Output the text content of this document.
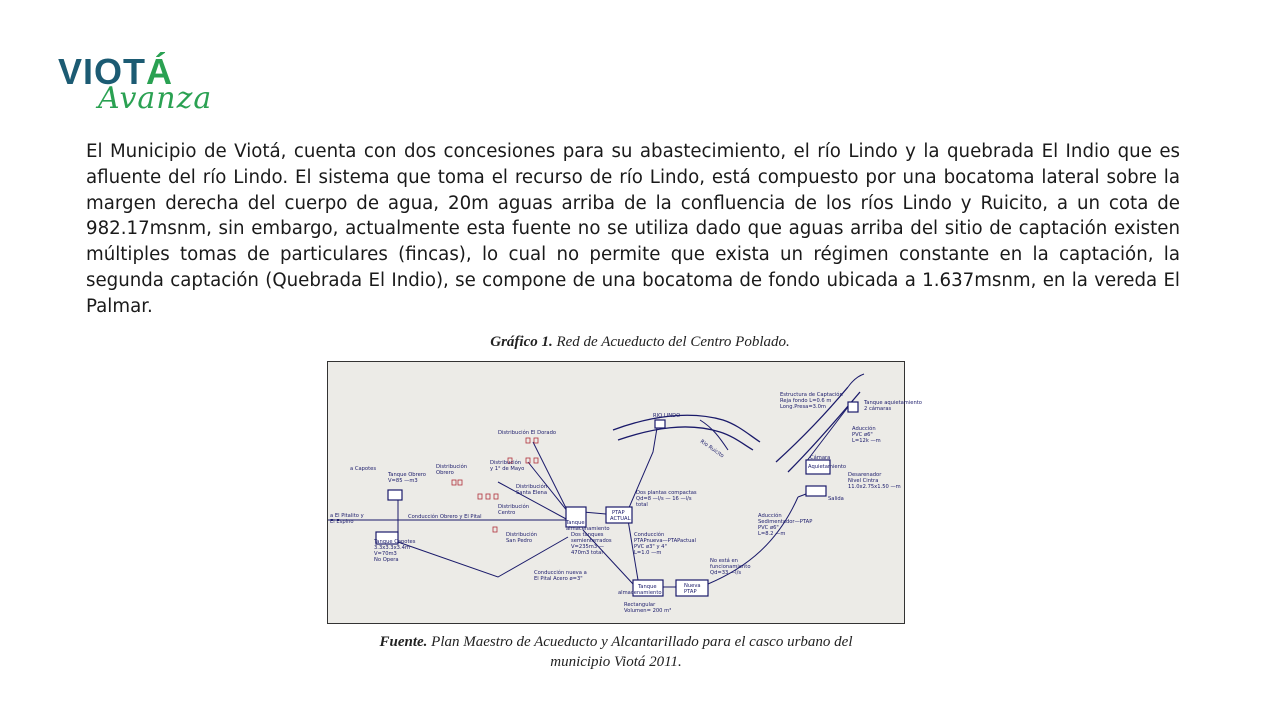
VIOTÁ
Avanza

El Municipio de Viotá, cuenta con dos concesiones para su abastecimiento, el río Lindo y la quebrada El Indio que es afluente del río Lindo. El sistema que toma el recurso de río Lindo, está compuesto por una bocatoma lateral sobre la margen derecha del cuerpo de agua, 20m aguas arriba de la confluencia de los ríos Lindo y Ruicito, a un cota de 982.17msnm, sin embargo, actualmente esta fuente no se utiliza dado que aguas arriba del sitio de captación existen múltiples tomas de particulares (fincas), lo cual no permite que exista un régimen constante en la captación, la segunda captación (Quebrada El Indio), se compone de una bocatoma de fondo ubicada a 1.637msnm, en la vereda El Palmar.

Gráfico 1. Red de Acueducto del Centro Poblado.
RIO LINDO
Rio Ruicito
Estructura de Captación
Reja fondo L=0.6 m
Long.Presa=3.0m
Tanque aquietamiento
2 cámaras
Aducción
PVC ø6"
L=12k —m
Cámara
Aquietamiento
Desarenador
Nivel Cintra
11.0x2.75x1.50 —m
Salida
Aducción
Sedimentador—PTAP
PVC ø6"
L=8.2 —m
Distribución El Dorado
Distribución
y 1° de Mayo
Distribución
Santa Elena
Distribución
Centro
Distribución
San Pedro
Distribución
Obrero
Tanque Obrero
V=85 —m3
a Capotes
a El Pitalito y
El Espino
Conducción Obrero y El Pital
Tanque Capotes
3.3x3.3x3.4m
V=70m3
No Opera
Tanque
almacenamiento
Dos tanques
semienterrados
V=235m3 —
470m3 total
PTAP
ACTUAL
Dos plantas compactas
Qd=8 —l/s — 16 —l/s
total
Conducción
PTAPnueva—PTAPactual
PVC ø3" y 4"
L=1.0 —m
No está en
funcionamiento
Qd=33 —l/s
Conducción nueva a
El Pital Acero ø=3"
Tanque
almacenamiento
Nueva
PTAP
Rectangular
Volumen= 200 m³
Fuente. Plan Maestro de Acueducto y Alcantarillado para el casco urbano del
municipio Viotá 2011.
